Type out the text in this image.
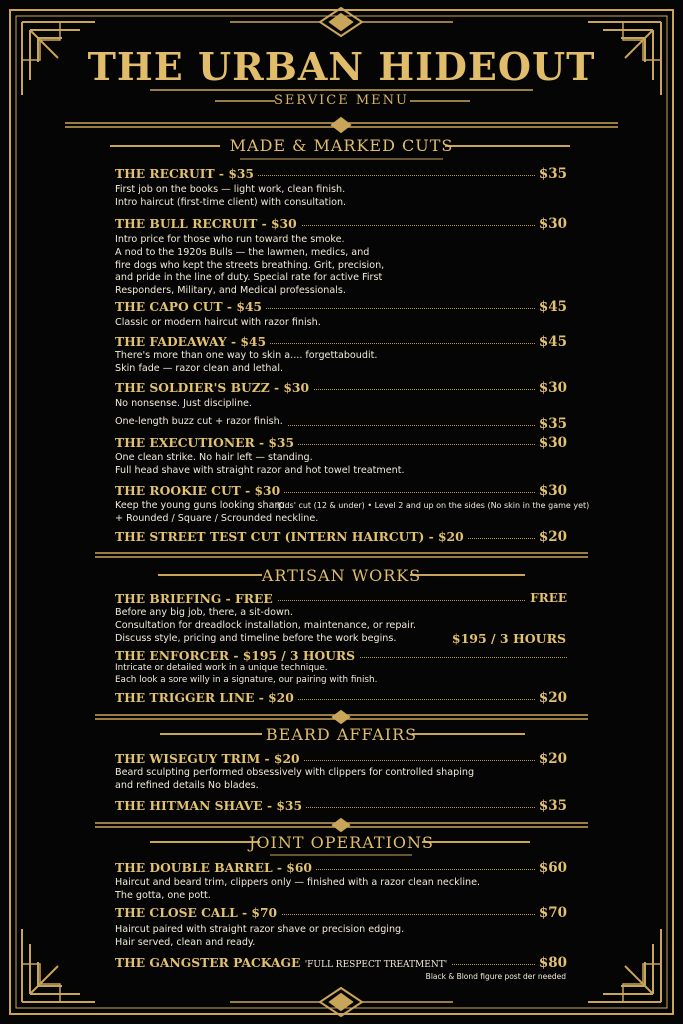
THE URBAN HIDEOUT
SERVICE MENU
MADE & MARKED CUTS
THE RECRUIT - $35	$35
First job on the books — light work, clean finish.
Intro haircut (first-time client) with consultation.
THE BULL RECRUIT - $30	$30
Intro price for those who run toward the smoke.
A nod to the 1920s Bulls — the lawmen, medics, and
fire dogs who kept the streets breathing. Grit, precision,
and pride in the line of duty. Special rate for active First
Responders, Military, and Medical professionals.
THE CAPO CUT - $45	$45
Classic or modern haircut with razor finish.
THE FADEAWAY - $45	$45
There's more than one way to skin a.... forgettaboudit.
Skin fade — razor clean and lethal.
THE SOLDIER'S BUZZ - $30	$30
No nonsense. Just discipline.
One-length buzz cut + razor finish.	$35
THE EXECUTIONER - $35	$30
One clean strike. No hair left — standing.
Full head shave with straight razor and hot towel treatment.
THE ROOKIE CUT - $30	$30
Keep the young guns looking sharp.
Kids' cut (12 & under) • Level 2 and up on the sides (No skin in the game yet)
+ Rounded / Square / Scrounded neckline.
THE STREET TEST CUT (INTERN HAIRCUT) - $20	$20
ARTISAN WORKS
THE BRIEFING - FREE	FREE
Before any big job, there, a sit-down.
Consultation for dreadlock installation, maintenance, or repair.
Discuss style, pricing and timeline before the work begins.	$195 / 3 HOURS
THE ENFORCER - $195 / 3 HOURS
Intricate or detailed work in a unique technique.
Each look a sore willy in a signature, our pairing with finish.
THE TRIGGER LINE - $20	$20
BEARD AFFAIRS
THE WISEGUY TRIM - $20	$20
Beard sculpting performed obsessively with clippers for controlled shaping
and refined details No blades.
THE HITMAN SHAVE - $35	$35
JOINT OPERATIONS
THE DOUBLE BARREL - $60	$60
Haircut and beard trim, clippers only — finished with a razor clean neckline.
The gotta, one pott.
THE CLOSE CALL - $70	$70
Haircut paired with straight razor shave or precision edging.
Hair served, clean and ready.
THE GANGSTER PACKAGE 'FULL RESPECT TREATMENT'	$80
Black & Blond figure post der needed
